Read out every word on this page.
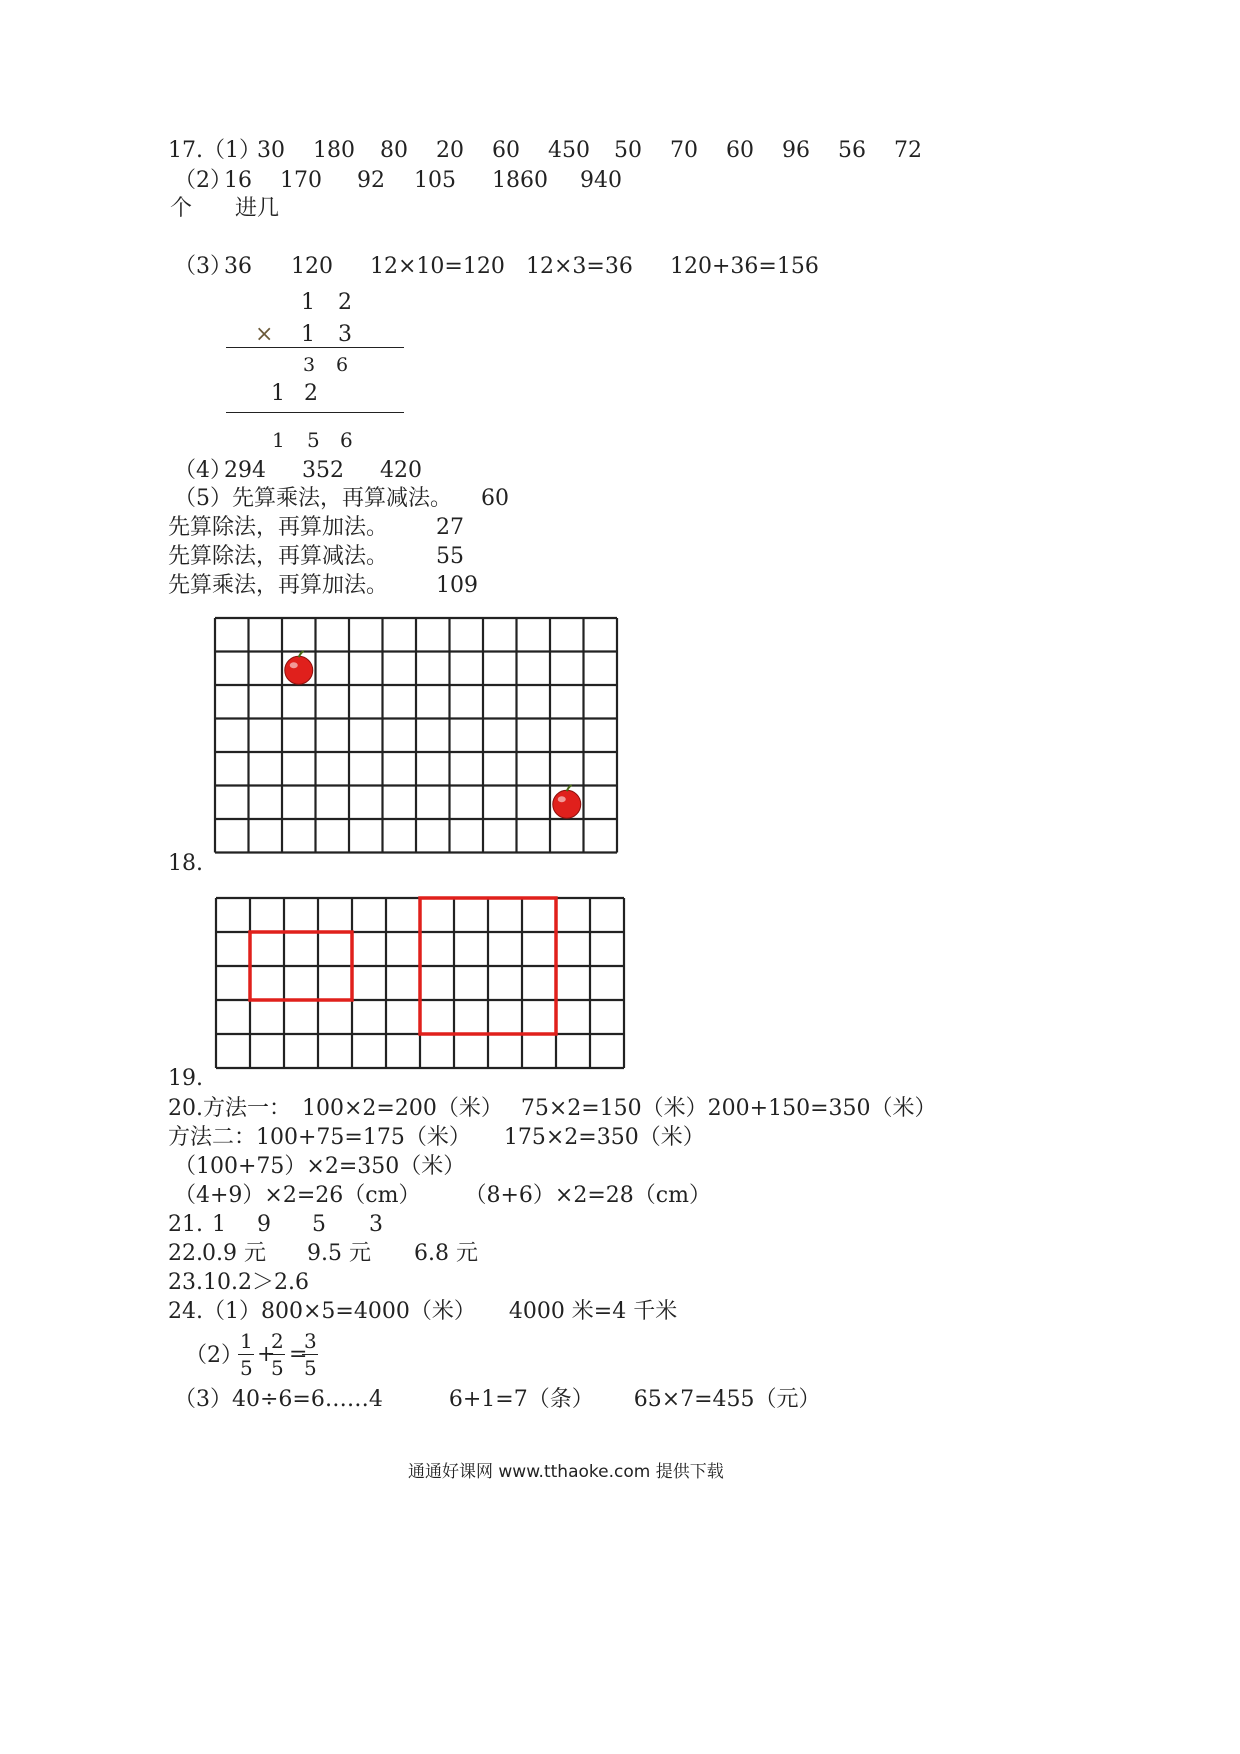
17.（1）
30 180 80 20 60 450 50 70 60 96 56 72
（2）
16 170 92 105 1860 940
个 进几
（3）
36 120 12×10=120 12×3=36 120+36=156
1 2
× 1 3
3 6
1 2
1 5 6
（4）
294 352 420
（5）先算乘法，再算减法。 60
先算除法，再算加法。 27
先算除法，再算减法。 55
先算乘法，再算加法。 109
18.
19.
20.方法一：　100×2=200（米）　 75×2=150（米）200+150=350（米）
方法二：100+75=175（米）　　175×2=350（米）
（100+75）×2=350（米）
（4+9）×2=26（cm）　　　（8+6）×2=28（cm）
21. 1 9 5 3
22. 0.9 元 9.5 元 6.8 元
23.10.2＞2.6
24.（1）800×5=4000（米）　　4000 米=4 千米
（2）
1
5
+
2
5
=
3
5
（3）40÷6=6……4　　　6+1=7（条）　　 65×7=455（元）
通通好课网 www.tthaoke.com 提供下载
